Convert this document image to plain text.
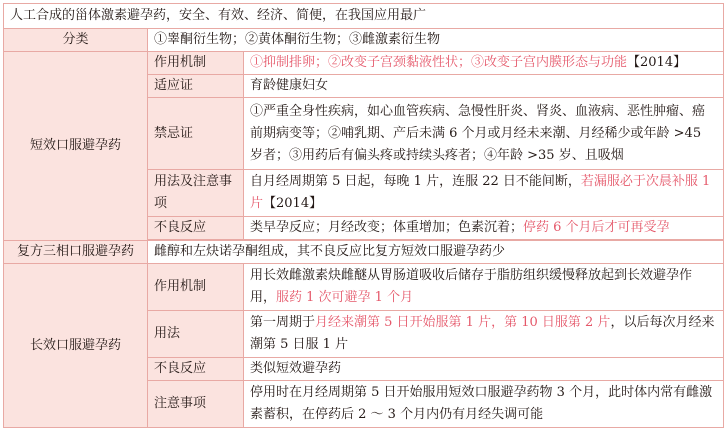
人工合成的甾体激素避孕药，安全、有效、经济、简便，在我国应用最广		
分类	①睾酮衍生物；②黄体酮衍生物；③雌激素衍生物	
短效口服避孕药	作用机制	①抑制排卵；②改变子宫颈黏液性状；③改变子宫内膜形态与功能【2014】
	适应证	育龄健康妇女
	禁忌证	①严重全身性疾病，如心血管疾病、急慢性肝炎、肾炎、血液病、恶性肿瘤、癌前期病变等；②哺乳期、产后未满 6 个月或月经未来潮、月经稀少或年龄 >45 岁者；③用药后有偏头疼或持续头疼者；④年龄 >35 岁、且吸烟
	用法及注意事项	自月经周期第 5 日起，每晚 1 片，连服 22 日不能间断，若漏服必于次晨补服 1 片【2014】
	不良反应	类早孕反应；月经改变；体重增加；色素沉着；停药 6 个月后才可再受孕

复方三相口服避孕药	雌醇和左炔诺孕酮组成，其不良反应比复方短效口服避孕药少	
长效口服避孕药	作用机制	用长效雌激素炔雌醚从胃肠道吸收后储存于脂肪组织缓慢释放起到长效避孕作用，服药 1 次可避孕 1 个月
	用法	第一周期于月经来潮第 5 日开始服第 1 片，第 10 日服第 2 片，以后每次月经来潮第 5 日服 1 片
	不良反应	类似短效避孕药
	注意事项	停用时在月经周期第 5 日开始服用短效口服避孕药物 3 个月，此时体内常有雌激素蓄积，在停药后 2 ～ 3 个月内仍有月经失调可能
